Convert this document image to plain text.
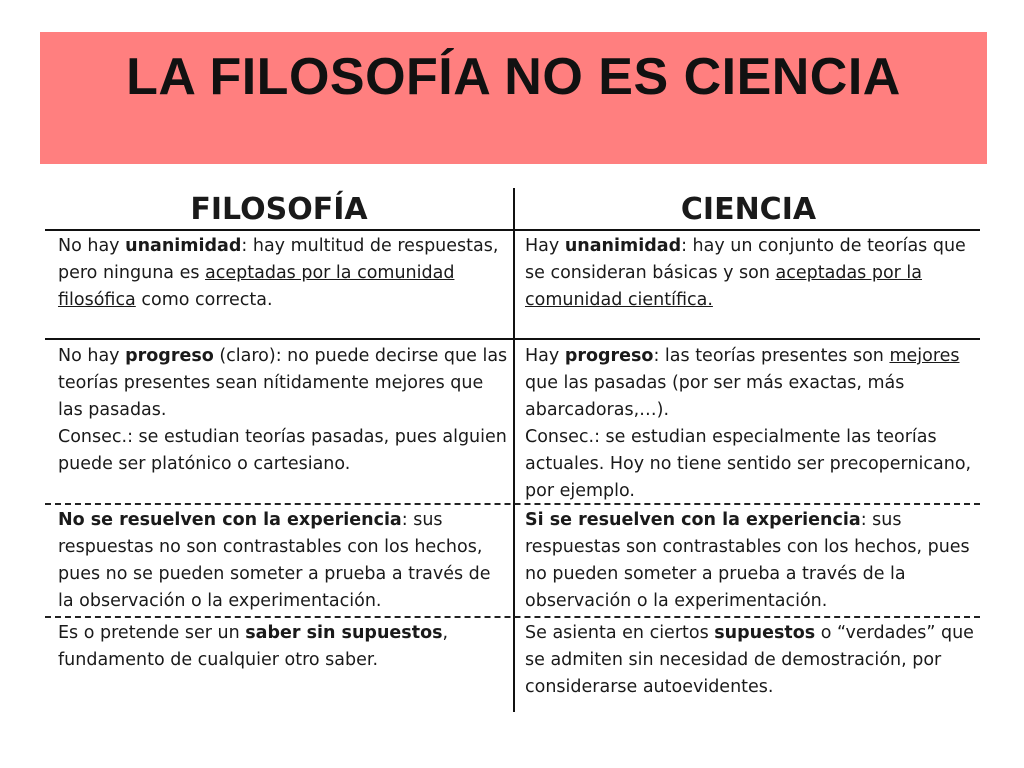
LA FILOSOFÍA NO ES CIENCIA
FILOSOFÍA	CIENCIA

No hay unanimidad: hay multitud de respuestas, pero ninguna es aceptadas por la comunidad filosófica como correcta.

Hay unanimidad: hay un conjunto de teorías que se consideran básicas y son aceptadas por la comunidad científica.

No hay progreso (claro): no puede decirse que las teorías presentes sean nítidamente mejores que las pasadas.

Consec.: se estudian teorías pasadas, pues alguien puede ser platónico o cartesiano.

Hay progreso: las teorías presentes son mejores que las pasadas (por ser más exactas, más abarcadoras,…).

Consec.: se estudian especialmente las teorías actuales. Hoy no tiene sentido ser precopernicano, por ejemplo.

No se resuelven con la experiencia: sus respuestas no son contrastables con los hechos, pues no se pueden someter a prueba a través de la observación o la experimentación.

Si se resuelven con la experiencia: sus respuestas son contrastables con los hechos, pues no pueden someter a prueba a través de la observación o la experimentación.

Es o pretende ser un saber sin supuestos, fundamento de cualquier otro saber.

Se asienta en ciertos supuestos o “verdades” que se admiten sin necesidad de demostración, por considerarse autoevidentes.
